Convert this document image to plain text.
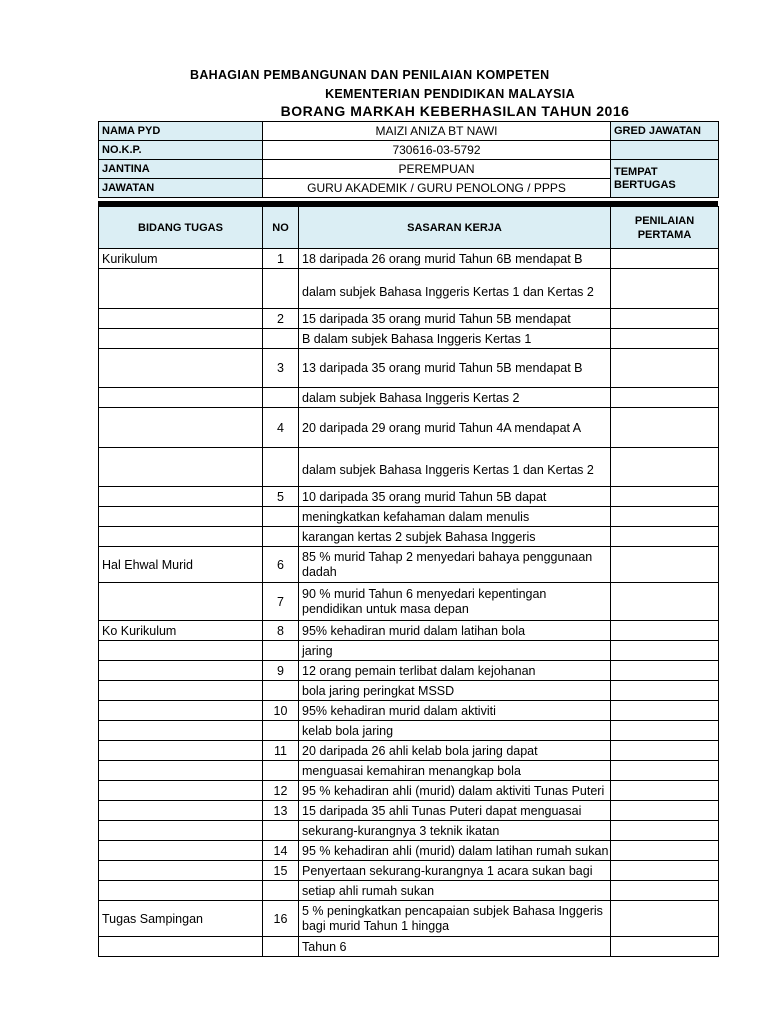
BAHAGIAN PEMBANGUNAN DAN PENILAIAN KOMPETEN
KEMENTERIAN PENDIDIKAN MALAYSIA
BORANG MARKAH KEBERHASILAN TAHUN 2016
NAMA PYD	MAIZI ANIZA BT NAWI	GRED JAWATAN
NO.K.P.	730616-03-5792	
JANTINA	PEREMPUAN	TEMPAT BERTUGAS
JAWATAN	GURU AKADEMIK / GURU PENOLONG / PPPS	
BIDANG TUGAS	NO	SASARAN KERJA	PENILAIAN PERTAMA
Kurikulum	1	18 daripada 26 orang murid Tahun 6B mendapat B	
		dalam subjek Bahasa Inggeris Kertas 1 dan Kertas 2	
	2	15 daripada 35 orang murid Tahun 5B mendapat	
		B dalam subjek Bahasa Inggeris Kertas 1	
	3	13 daripada 35 orang murid Tahun 5B mendapat B	
		dalam subjek Bahasa Inggeris Kertas 2	
	4	20 daripada 29 orang murid Tahun 4A mendapat A	
		dalam subjek Bahasa Inggeris Kertas 1 dan Kertas 2	
	5	10 daripada 35 orang murid Tahun 5B dapat	
		meningkatkan kefahaman dalam menulis	
		karangan kertas 2 subjek Bahasa Inggeris	
Hal Ehwal Murid	6	85 % murid Tahap 2 menyedari bahaya penggunaan dadah	
	7	90 % murid Tahun 6 menyedari kepentingan pendidikan untuk masa depan	
Ko Kurikulum	8	95% kehadiran murid dalam latihan bola	
		jaring	
	9	12 orang pemain terlibat dalam kejohanan	
		bola jaring peringkat MSSD	
	10	95% kehadiran murid dalam aktiviti	
		kelab bola jaring	
	11	20 daripada 26 ahli kelab bola jaring dapat	
		menguasai kemahiran menangkap bola	
	12	95 % kehadiran ahli (murid) dalam aktiviti Tunas Puteri	
	13	15 daripada 35 ahli Tunas Puteri dapat menguasai	
		sekurang-kurangnya 3 teknik ikatan	
	14	95 % kehadiran ahli (murid) dalam latihan rumah sukan	
	15	Penyertaan sekurang-kurangnya 1 acara sukan bagi	
		setiap ahli rumah sukan	
Tugas Sampingan	16	5 % peningkatkan pencapaian subjek Bahasa Inggeris bagi murid Tahun 1 hingga	
		Tahun 6	
